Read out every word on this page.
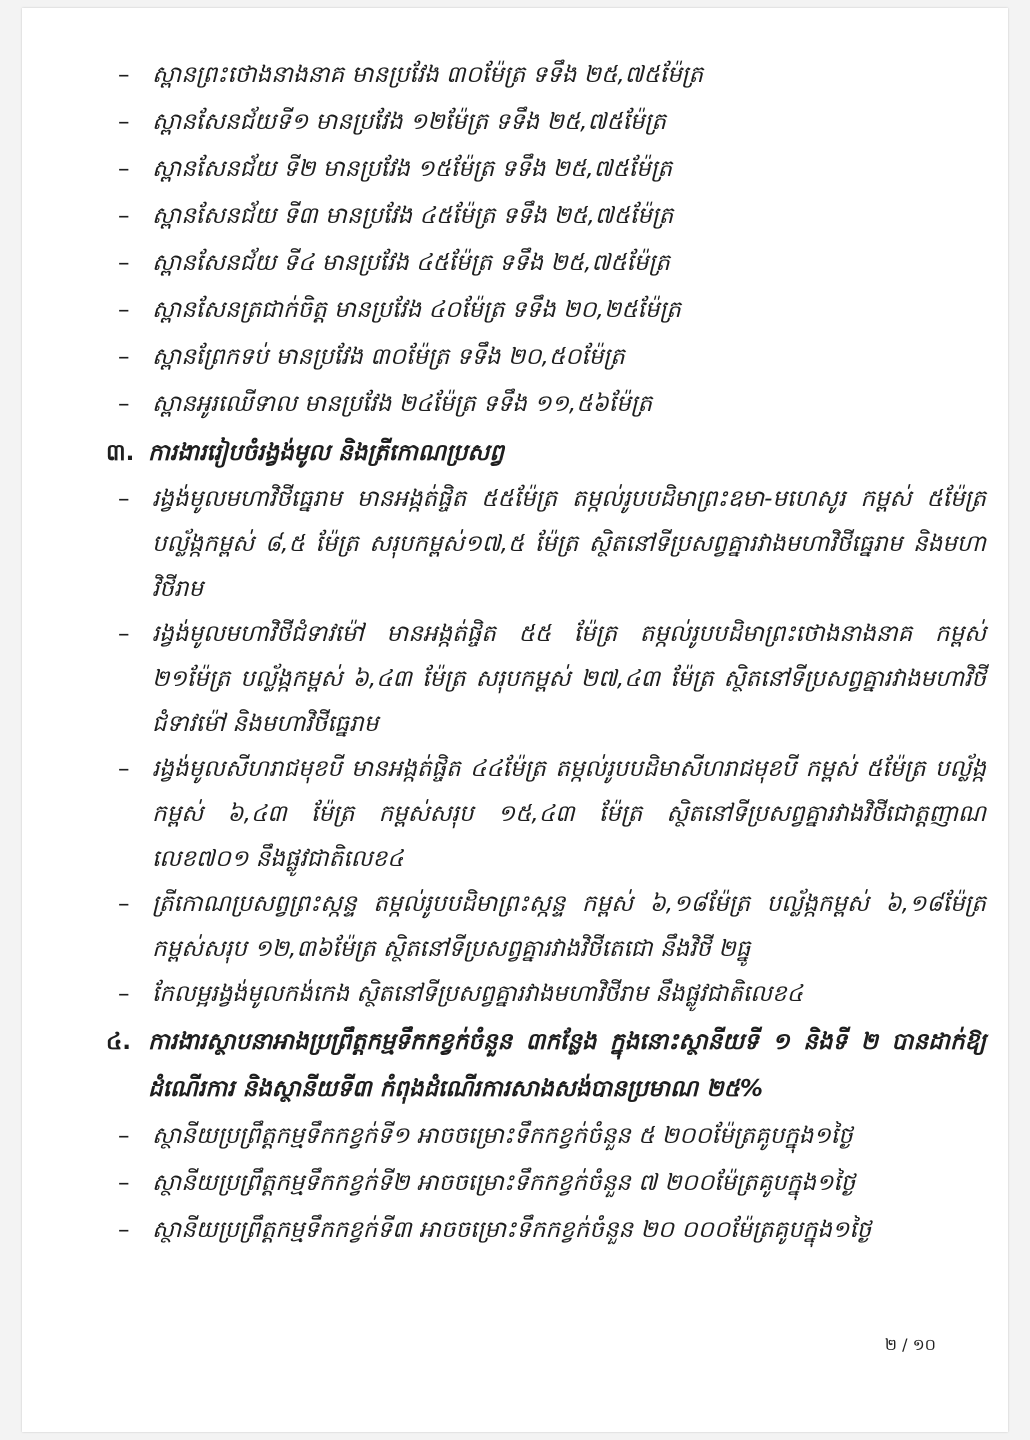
– ស្ពានព្រះថោងនាងនាគ មានប្រវែង ៣០ម៉ែត្រ ទទឹង ២៥,៧៥ម៉ែត្រ
– ស្ពានសែនជ័យទី១ មានប្រវែង ១២ម៉ែត្រ ទទឹង ២៥,៧៥ម៉ែត្រ
– ស្ពានសែនជ័យ ទី២ មានប្រវែង ១៥ម៉ែត្រ ទទឹង ២៥,៧៥ម៉ែត្រ
– ស្ពានសែនជ័យ ទី៣ មានប្រវែង ៤៥ម៉ែត្រ ទទឹង ២៥,៧៥ម៉ែត្រ
– ស្ពានសែនជ័យ ទី៤ មានប្រវែង ៤៥ម៉ែត្រ ទទឹង ២៥,៧៥ម៉ែត្រ
– ស្ពានសែនត្រជាក់ចិត្ត មានប្រវែង ៤០ម៉ែត្រ ទទឹង ២០,២៥ម៉ែត្រ
– ស្ពានព្រែកទប់ មានប្រវែង ៣០ម៉ែត្រ ទទឹង ២០,៥០ម៉ែត្រ
– ស្ពានអូរឈើទាល មានប្រវែង ២៤ម៉ែត្រ ទទឹង ១១,៥៦ម៉ែត្រ
៣. ការងាររៀបចំរង្វង់មូល និងត្រីកោណប្រសព្វ
– រង្វង់មូលមហាវិថីធ្នេរាម មានអង្កត់ផ្ចិត ៥៥ម៉ែត្រ តម្កល់រូបបដិមាព្រះឧមា-មហេសូរ កម្ពស់ ៥ម៉ែត្រ បល្ល័ង្កកម្ពស់ ៨,៥ ម៉ែត្រ សរុបកម្ពស់១៧,៥ ម៉ែត្រ ស្ថិតនៅទីប្រសព្វគ្នារវាងមហាវិថីធ្នេរាម និងមហាវិថីរាម
– រង្វង់មូលមហាវិថីជំទាវម៉ៅ មានអង្កត់ផ្ចិត ៥៥ ម៉ែត្រ តម្កល់រូបបដិមាព្រះថោងនាងនាគ កម្ពស់ ២១ម៉ែត្រ បល្ល័ង្កកម្ពស់ ៦,៤៣ ម៉ែត្រ សរុបកម្ពស់ ២៧,៤៣ ម៉ែត្រ ស្ថិតនៅទីប្រសព្វគ្នារវាងមហាវិថីជំទាវម៉ៅ និងមហាវិថីធ្នេរាម
– រង្វង់មូលសីហរាជមុខបី មានអង្កត់ផ្ចិត ៤៤ម៉ែត្រ តម្កល់រូបបដិមាសីហរាជមុខបី កម្ពស់ ៥ម៉ែត្រ បល្ល័ង្កកម្ពស់ ៦,៤៣ ម៉ែត្រ កម្ពស់សរុប ១៥,៤៣ ម៉ែត្រ ស្ថិតនៅទីប្រសព្វគ្នារវាងវិថីជោត្តញាណ លេខ៧០១ នឹងផ្លូវជាតិលេខ៤
– ត្រីកោណប្រសព្វព្រះស្កន្ទ តម្កល់រូបបដិមាព្រះស្កន្ទ កម្ពស់ ៦,១៨ម៉ែត្រ បល្ល័ង្កកម្ពស់ ៦,១៨ម៉ែត្រ កម្ពស់សរុប ១២,៣៦ម៉ែត្រ ស្ថិតនៅទីប្រសព្វគ្នារវាងវិថីតេជោ នឹងវិថី ២ធ្នូ
– កែលម្អរង្វង់មូលកង់កេង ស្ថិតនៅទីប្រសព្វគ្នារវាងមហាវិថីរាម នឹងផ្លូវជាតិលេខ៤
៤. ការងារស្ថាបនាអាងប្រព្រឹត្តកម្មទឹកកខ្វក់ចំនួន ៣កន្លែង ក្នុងនោះស្ថានីយទី ១ និងទី ២ បានដាក់ឱ្យដំណើរការ និងស្ថានីយទី៣ កំពុងដំណើរការសាងសង់បានប្រមាណ ២៥%
– ស្ថានីយប្រព្រឹត្តកម្មទឹកកខ្វក់ទី១ អាចចម្រោះទឹកកខ្វក់ចំនួន ៥ ២០០ម៉ែត្រគូបក្នុង១ថ្ងៃ
– ស្ថានីយប្រព្រឹត្តកម្មទឹកកខ្វក់ទី២ អាចចម្រោះទឹកកខ្វក់ចំនួន ៧ ២០០ម៉ែត្រគូបក្នុង១ថ្ងៃ
– ស្ថានីយប្រព្រឹត្តកម្មទឹកកខ្វក់ទី៣ អាចចម្រោះទឹកកខ្វក់ចំនួន ២០ ០០០ម៉ែត្រគូបក្នុង១ថ្ងៃ
២ / ១០
